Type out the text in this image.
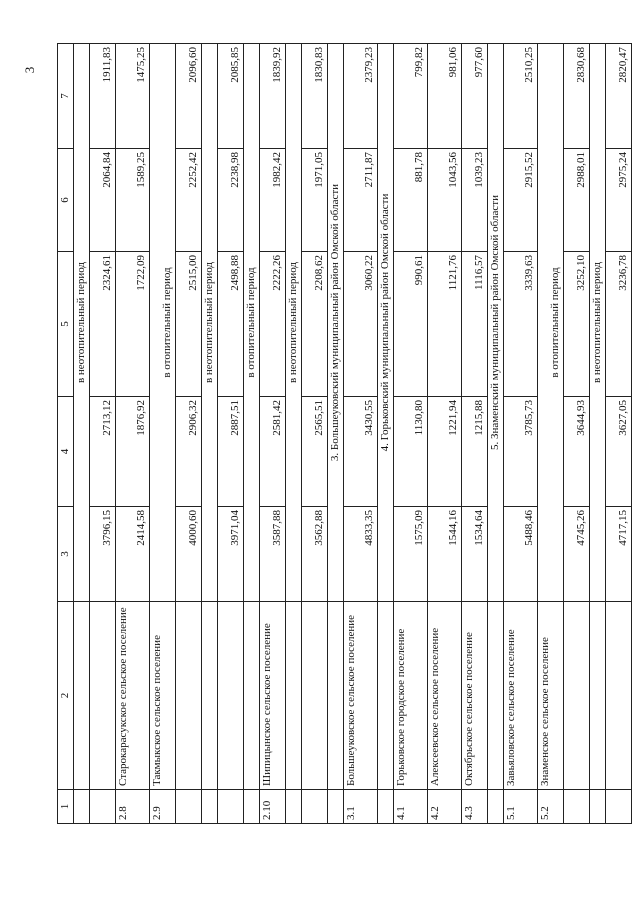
3
1	2	3	4	5	6	7
		в неотопительный период				
		3796,15	2713,12	2324,61	2064,84	1911,83
2.8	Старокарасукское сельское поселение	2414,58	1876,92	1722,09	1589,25	1475,25
2.9	Такмыкское сельское поселение	в отопительный период				
		4000,60	2906,32	2515,00	2252,42	2096,60
		в неотопительный период				
		3971,04	2887,51	2498,88	2238,98	2085,85
		в отопительный период				
2.10	Шипицынское сельское поселение	3587,88	2581,42	2222,26	1982,42	1839,92
		в неотопительный период				
		3562,88	2565,51	2208,62	1971,05	1830,83
		3. Большеуковский муниципальный район Омской области				
3.1	Большеуковское сельское поселение	4833,35	3430,55	3060,22	2711,87	2379,23
		4. Горьковский муниципальный район Омской области				
4.1	Горьковское городское поселение	1575,09	1130,80	990,61	881,78	799,82
4.2	Алексеевское сельское поселение	1544,16	1221,94	1121,76	1043,56	981,06
4.3	Октябрьское сельское поселение	1534,64	1215,88	1116,57	1039,23	977,60
		5. Знаменский муниципальный район Омской области				
5.1	Завьяловское сельское поселение	5488,46	3785,73	3339,63	2915,52	2510,25
5.2	Знаменское сельское поселение	в отопительный период				
		4745,26	3644,93	3252,10	2988,01	2830,68
		в неотопительный период				
		4717,15	3627,05	3236,78	2975,24	2820,47
